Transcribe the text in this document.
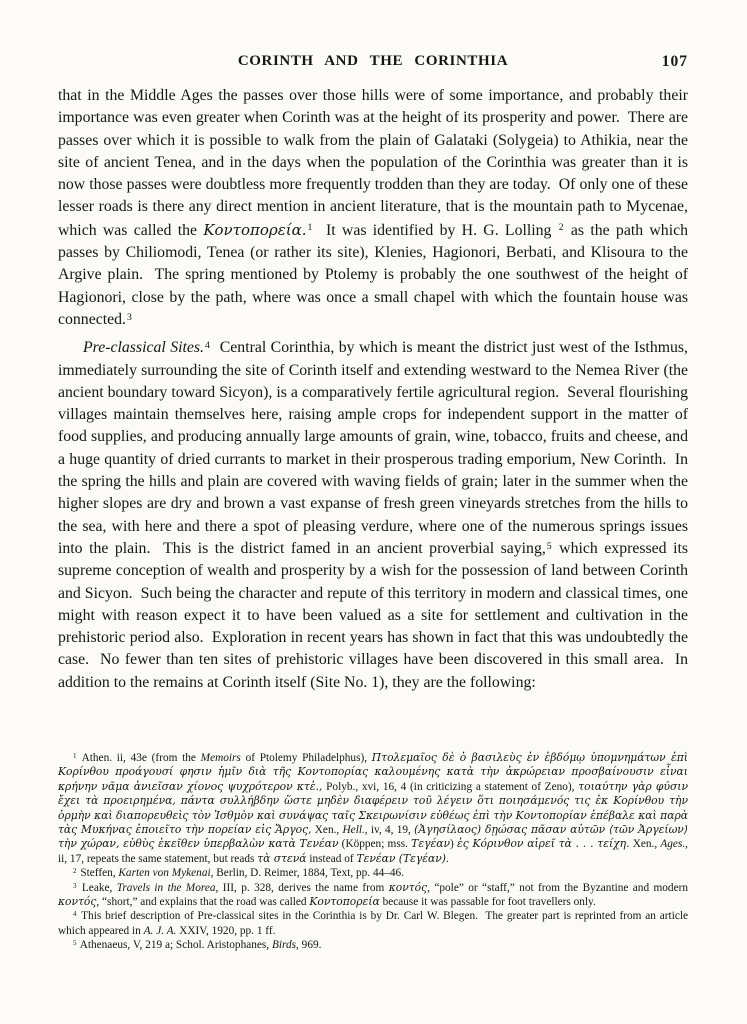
CORINTH AND THE CORINTHIA	107

that in the Middle Ages the passes over those hills were of some importance, and probably their importance was even greater when Corinth was at the height of its prosperity and power.  There are passes over which it is possible to walk from the plain of Galataki (Solygeia) to Athikia, near the site of ancient Tenea, and in the days when the population of the Corinthia was greater than it is now those passes were doubtless more frequently trodden than they are today.  Of only one of these lesser roads is there any direct mention in ancient literature, that is the mountain path to Mycenae, which was called the Κοντοπορεία.$^1$  It was identified by H. G. Lolling $^2$ as the path which passes by Chiliomodi, Tenea (or rather its site), Klenies, Hagionori, Berbati, and Klisoura to the Argive plain.  The spring mentioned by Ptolemy is probably the one southwest of the height of Hagionori, close by the path, where was once a small chapel with which the fountain house was connected.$^3$

Pre-classical Sites.$^4$  Central Corinthia, by which is meant the district just west of the Isthmus, immediately surrounding the site of Corinth itself and extending westward to the Nemea River (the ancient boundary toward Sicyon), is a comparatively fertile agricultural region.  Several flourishing villages maintain themselves here, raising ample crops for independent support in the matter of food supplies, and producing annually large amounts of grain, wine, tobacco, fruits and cheese, and a huge quantity of dried currants to market in their prosperous trading emporium, New Corinth.  In the spring the hills and plain are covered with waving fields of grain; later in the summer when the higher slopes are dry and brown a vast expanse of fresh green vineyards stretches from the hills to the sea, with here and there a spot of pleasing verdure, where one of the numerous springs issues into the plain.  This is the district famed in an ancient proverbial saying,$^5$ which expressed its supreme conception of wealth and prosperity by a wish for the possession of land between Corinth and Sicyon.  Such being the character and repute of this territory in modern and classical times, one might with reason expect it to have been valued as a site for settlement and cultivation in the prehistoric period also.  Exploration in recent years has shown in fact that this was undoubtedly the case.  No fewer than ten sites of prehistoric villages have been discovered in this small area.  In addition to the remains at Corinth itself (Site No. 1), they are the following:

$^1$ Athen. ii, 43e (from the Memoirs of Ptolemy Philadelphus), Πτολεμαῖος δὲ ὁ βασιλεὺς ἐν ἑβδόμῳ ὑπομνημάτων ἐπὶ Κορίνθου προάγουσί φησιν ἡμῖν διὰ τῆς Κοντοπορίας καλουμένης κατὰ τὴν ἀκρώρειαν προσβαίνουσιν εἶναι κρήνην νᾶμα ἀνιεῖσαν χίονος ψυχρότερον κτἑ., Polyb., xvi, 16, 4 (in criticizing a statement of Zeno), τοιαύτην γὰρ φύσιν ἔχει τὰ προειρημένα, πάντα συλλήβδην ὥστε μηδὲν διαφέρειν τοῦ λέγειν ὅτι ποιησάμενός τις ἐκ Κορίνθου τὴν ὁρμὴν καὶ διαπορευθεὶς τὸν Ἰσθμὸν καὶ συνάψας ταῖς Σκειρωνίσιν εὐθέως ἐπὶ τὴν Κοντοπορίαν ἐπέβαλε καὶ παρὰ τὰς Μυκήνας ἐποιεῖτο τὴν πορείαν εἰς Ἄργος, Xen., Hell., iv, 4, 19, (Ἀγησίλαος) δῃώσας πᾶσαν αὐτῶν ⟨τῶν Ἀργείων⟩ τὴν χώραν, εὐθὺς ἐκεῖθεν ὑπερβαλὼν κατὰ Τενέαν (Köppen; mss. Τεγέαν) ἐς Κόρινθον αἱρεῖ τὰ . . . τείχη. Xen., Ages., ii, 17, repeats the same statement, but reads τὰ στενά instead of Τενέαν (Τεγέαν).

$^2$ Steffen, Karten von Mykenai, Berlin, D. Reimer, 1884, Text, pp. 44–46.

$^3$ Leake, Travels in the Morea, III, p. 328, derives the name from κοντός, “pole” or “staff,” not from the Byzantine and modern κοντός, “short,” and explains that the road was called Κοντοπορεία because it was passable for foot travellers only.

$^4$ This brief description of Pre-classical sites in the Corinthia is by Dr. Carl W. Blegen.  The greater part is reprinted from an article which appeared in A. J. A. XXIV, 1920, pp. 1 ff.

$^5$ Athenaeus, V, 219 a; Schol. Aristophanes, Birds, 969.
